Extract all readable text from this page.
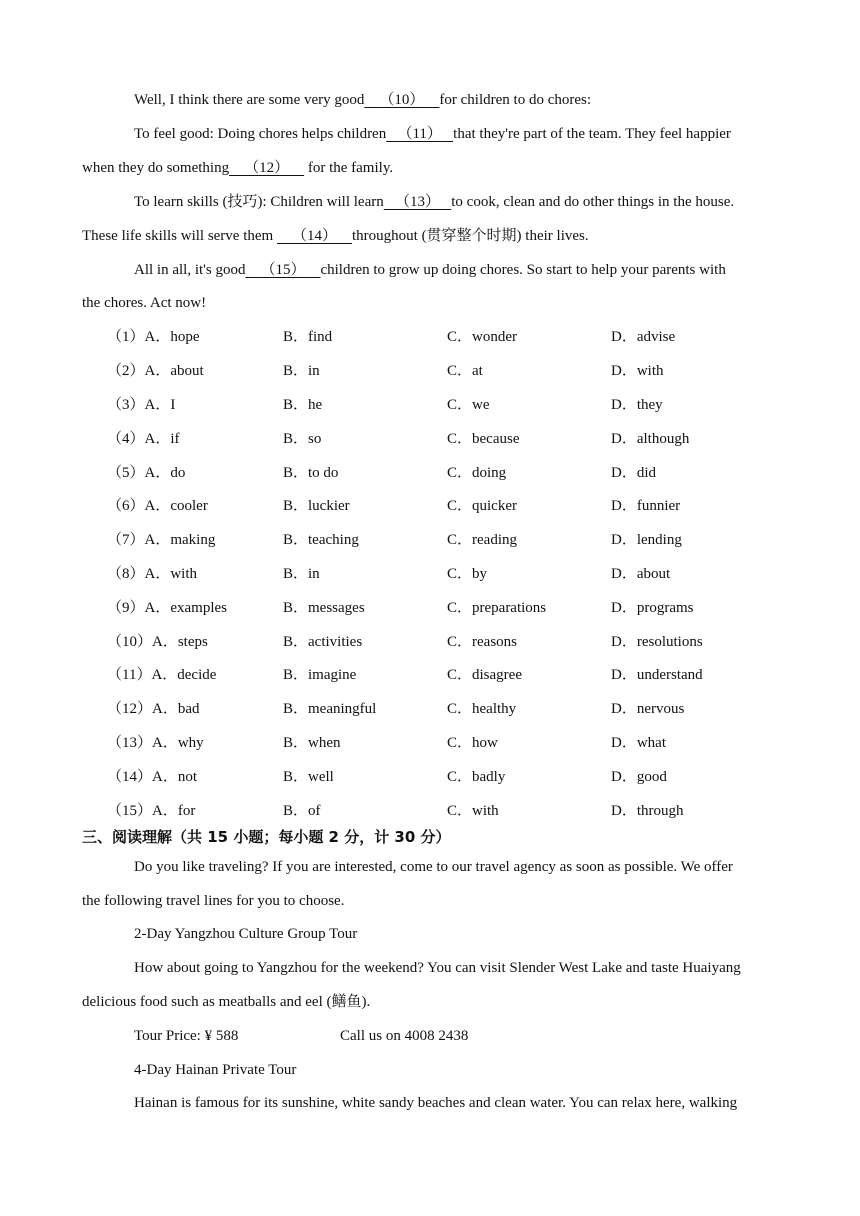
Well, I think there are some very good （10） for children to do chores:
To feel good: Doing chores helps children （11） that they're part of the team. They feel happier
when they do something （12）     for the family.
To learn skills (技巧): Children will learn （13） to cook, clean and do other things in the house.
These life skills will serve them     （14） throughout (贯穿整个时期) their lives.
All in all, it's good （15） children to grow up doing chores. So start to help your parents with
the chores. Act now!
（1）A．hope	B．find	C．wonder	D．advise
（2）A．about	B．in	C．at	D．with
（3）A．I	B．he	C．we	D．they
（4）A．if	B．so	C．because	D．although
（5）A．do	B．to do	C．doing	D．did
（6）A．cooler	B．luckier	C．quicker	D．funnier
（7）A．making	B．teaching	C．reading	D．lending
（8）A．with	B．in	C．by	D．about
（9）A．examples	B．messages	C．preparations	D．programs
（10）A．steps	B．activities	C．reasons	D．resolutions
（11）A．decide	B．imagine	C．disagree	D．understand
（12）A．bad	B．meaningful	C．healthy	D．nervous
（13）A．why	B．when	C．how	D．what
（14）A．not	B．well	C．badly	D．good
（15）A．for	B．of	C．with	D．through
三、阅读理解（共 15 小题；每小题 2 分，计 30 分）
Do you like traveling? If you are interested, come to our travel agency as soon as possible. We offer
the following travel lines for you to choose.
2-Day Yangzhou Culture Group Tour
How about going to Yangzhou for the weekend? You can visit Slender West Lake and taste Huaiyang
delicious food such as meatballs and eel (鳝鱼).
Tour Price: ¥ 588	Call us on 4008 2438
4-Day Hainan Private Tour
Hainan is famous for its sunshine, white sandy beaches and clean water. You can relax here, walking
